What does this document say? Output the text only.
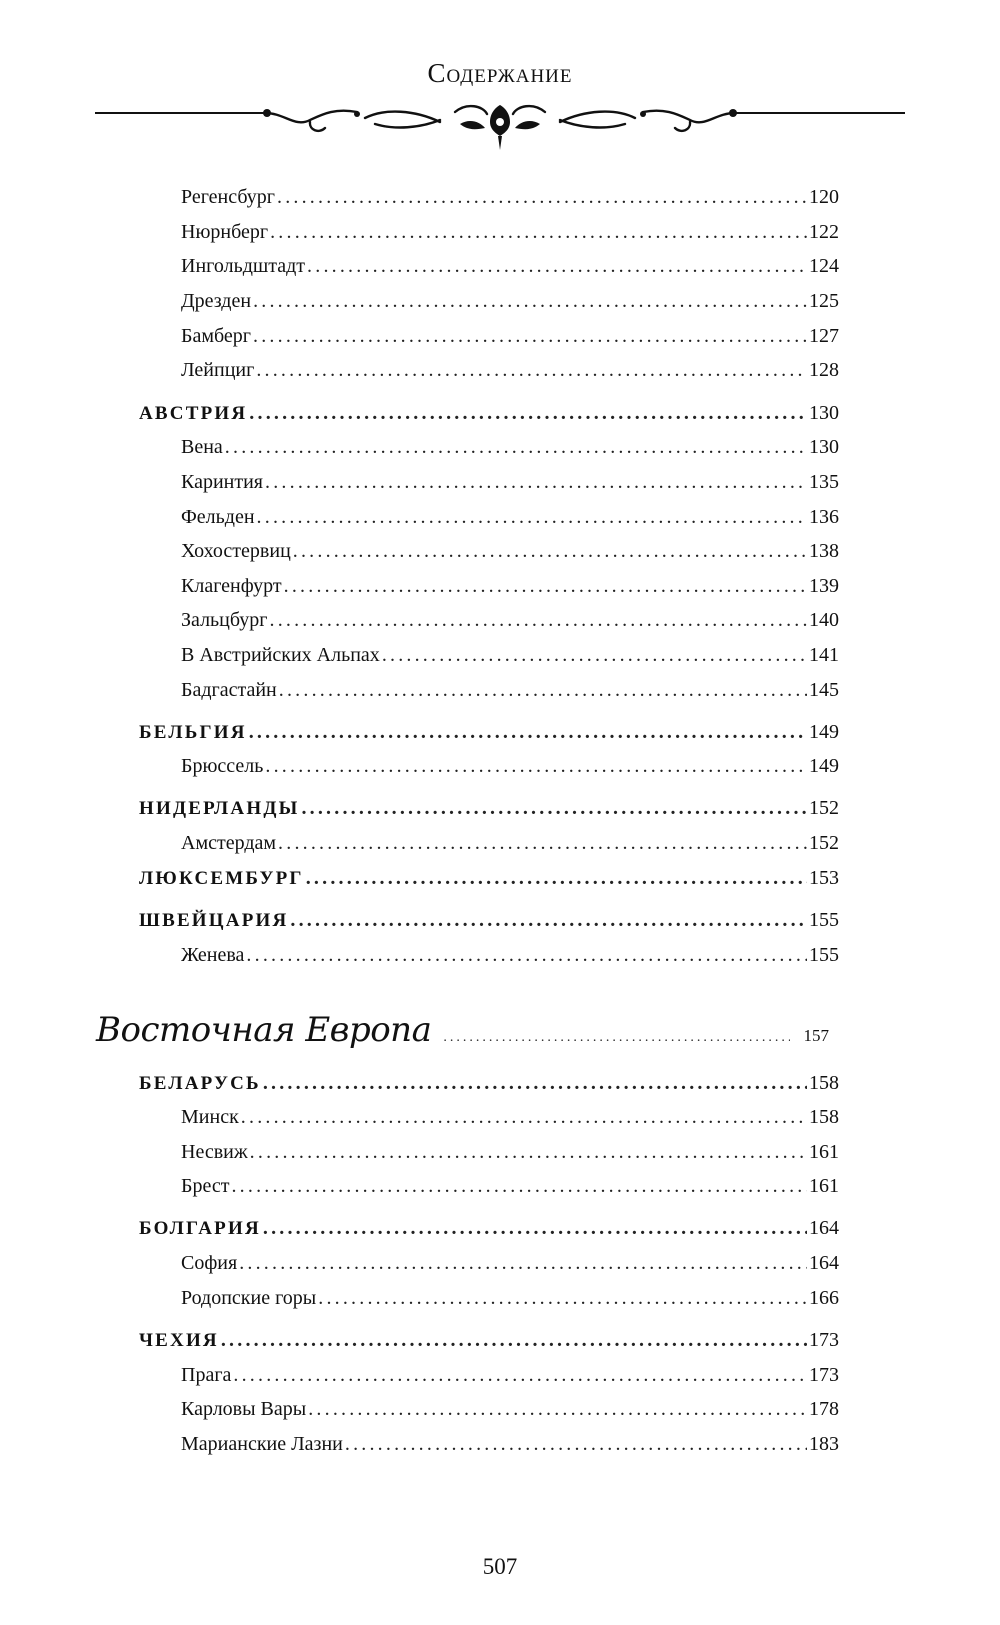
Содержание
Регенсбург .....	120
Нюрнберг .....	122
Ингольдштадт .....	124
Дрезден .....	125
Бамберг .....	127
Лейпциг .....	128
АВСТРИЯ .....	130
Вена .....	130
Каринтия .....	135
Фельден .....	136
Хохостервиц .....	138
Клагенфурт .....	139
Зальцбург .....	140
В Австрийских Альпах .....	141
Бадгастайн .....	145
БЕЛЬГИЯ .....	149
Брюссель .....	149
НИДЕРЛАНДЫ .....	152
Амстердам .....	152
ЛЮКСЕМБУРГ .....	153
ШВЕЙЦАРИЯ .....	155
Женева .....	155
Восточная Европа .....	157
БЕЛАРУСЬ .....	158
Минск .....	158
Несвиж .....	161
Брест .....	161
БОЛГАРИЯ .....	164
София .....	164
Родопские горы .....	166
ЧЕХИЯ .....	173
Прага .....	173
Карловы Вары .....	178
Марианские Лазни .....	183
507
